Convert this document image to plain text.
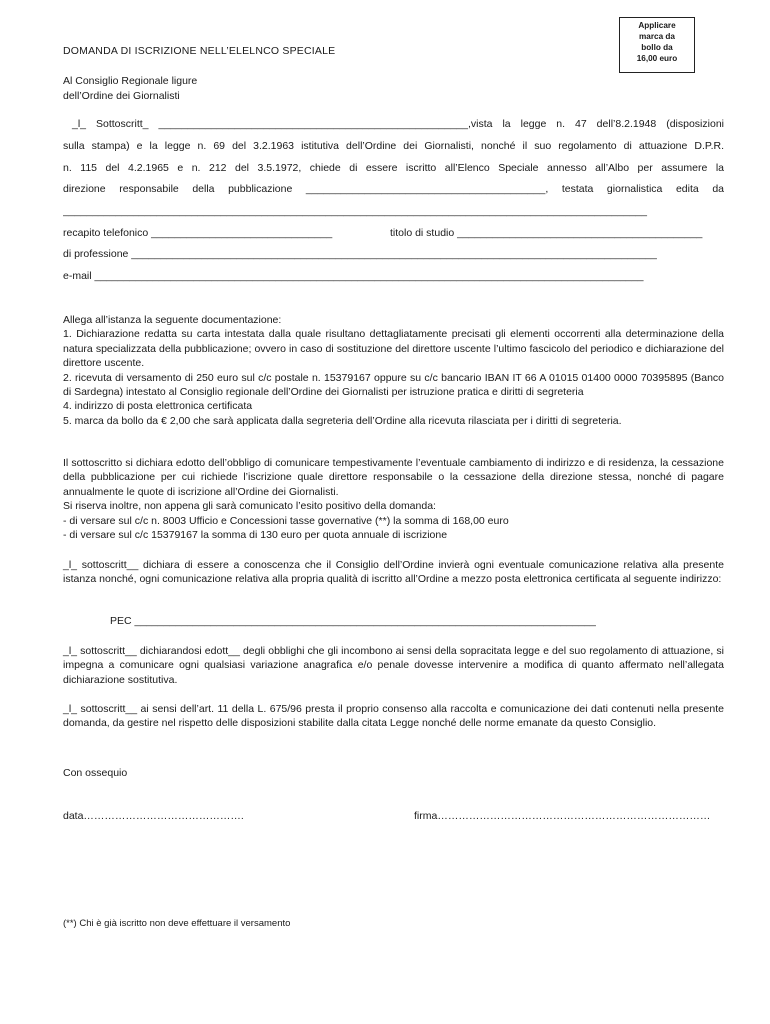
Applicare
marca da
bollo da
16,00 euro
DOMANDA DI ISCRIZIONE NELL’ELELNCO SPECIALE
Al Consiglio Regionale ligure
dell’Ordine dei Giornalisti
_l_ Sottoscritt_ _____________________________________________________,vista la legge n. 47 dell’8.2.1948 (disposizioni
sulla stampa) e la legge n. 69 del 3.2.1963 istitutiva dell’Ordine dei Giornalisti, nonché il suo regolamento di attuazione D.P.R.
n. 115 del 4.2.1965 e n. 212 del 3.5.1972, chiede di essere iscritto all’Elenco Speciale annesso all’Albo per assumere la
direzione responsabile della pubblicazione _________________________________________, testata giornalistica edita da
____________________________________________________________________________________________________
recapito telefonico _______________________________	titolo di studio __________________________________________
di professione __________________________________________________________________________________________
e-mail ______________________________________________________________________________________________

Allega all’istanza la seguente documentazione:

1. Dichiarazione redatta su carta intestata dalla quale risultano dettagliatamente precisati gli elementi occorrenti alla determinazione della natura specializzata della pubblicazione; ovvero in caso di sostituzione del direttore uscente l’ultimo fascicolo del periodico e dichiarazione del direttore uscente.

2. ricevuta di versamento di 250 euro sul c/c postale n. 15379167 oppure su c/c bancario IBAN IT 66 A 01015 01400 0000 70395895 (Banco di Sardegna) intestato al Consiglio regionale dell’Ordine dei Giornalisti per istruzione pratica e diritti di segreteria

4. indirizzo di posta elettronica certificata

5. marca da bollo da € 2,00 che sarà applicata dalla segreteria dell’Ordine alla ricevuta rilasciata per i diritti di segreteria.

Il sottoscritto si dichiara edotto dell’obbligo di comunicare tempestivamente l’eventuale cambiamento di indirizzo e di residenza, la cessazione della pubblicazione per cui richiede l’iscrizione quale direttore responsabile o la cessazione della direzione stessa, nonché di pagare annualmente le quote di iscrizione all’Ordine dei Giornalisti.

Si riserva inoltre, non appena gli sarà comunicato l’esito positivo della domanda:

- di versare sul c/c n. 8003 Ufficio e Concessioni tasse governative (**) la somma di 168,00 euro

- di versare sul c/c 15379167 la somma di 130 euro per quota annuale di iscrizione

_l_ sottoscritt__ dichiara di essere a conoscenza che il Consiglio dell’Ordine invierà ogni eventuale comunicazione relativa alla presente istanza nonché, ogni comunicazione relativa alla propria qualità di iscritto all’Ordine a mezzo posta elettronica certificata al seguente indirizzo:

PEC _______________________________________________________________________________

_l_ sottoscritt__ dichiarandosi edott__ degli obblighi che gli incombono ai sensi della sopracitata legge e del suo regolamento di attuazione, si impegna a comunicare ogni qualsiasi variazione anagrafica e/o penale dovesse intervenire a modifica di quanto affermato nell’allegata dichiarazione sostitutiva.

_l_ sottoscritt__ ai sensi dell’art. 11 della L. 675/96 presta il proprio consenso alla raccolta e comunicazione dei dati contenuti nella presente domanda, da gestire nel rispetto delle disposizioni stabilite dalla citata Legge nonché delle norme emanate da questo Consiglio.

Con ossequio
data……………………………………….	firma……………………………………………………………………
(**) Chi è già iscritto non deve effettuare il versamento
